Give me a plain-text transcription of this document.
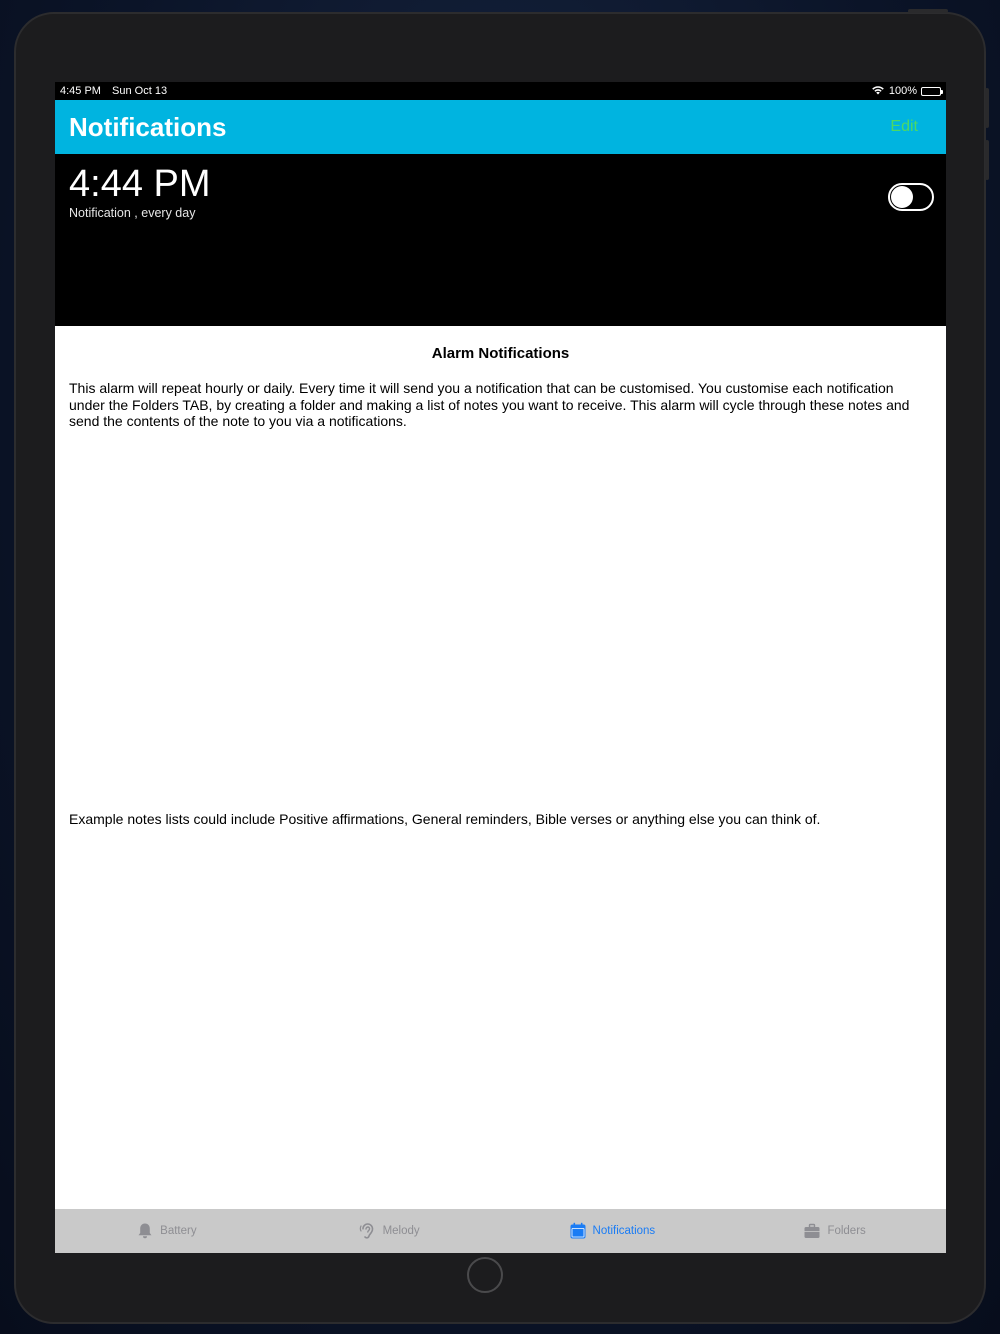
4:45 PM Sun Oct 13	100%
Notifications	Edit
4:44 PM
Notification , every day
Alarm Notifications
This alarm will repeat hourly or daily. Every time it will send you a notification that can be customised. You customise each notification under the Folders TAB, by creating a folder and making a list of notes you want to receive. This alarm will cycle through these notes and send the contents of the note to you via a notifications.
Example notes lists could include Positive affirmations, General reminders, Bible verses or anything else you can think of.
Battery	Melody	Notifications	Folders
